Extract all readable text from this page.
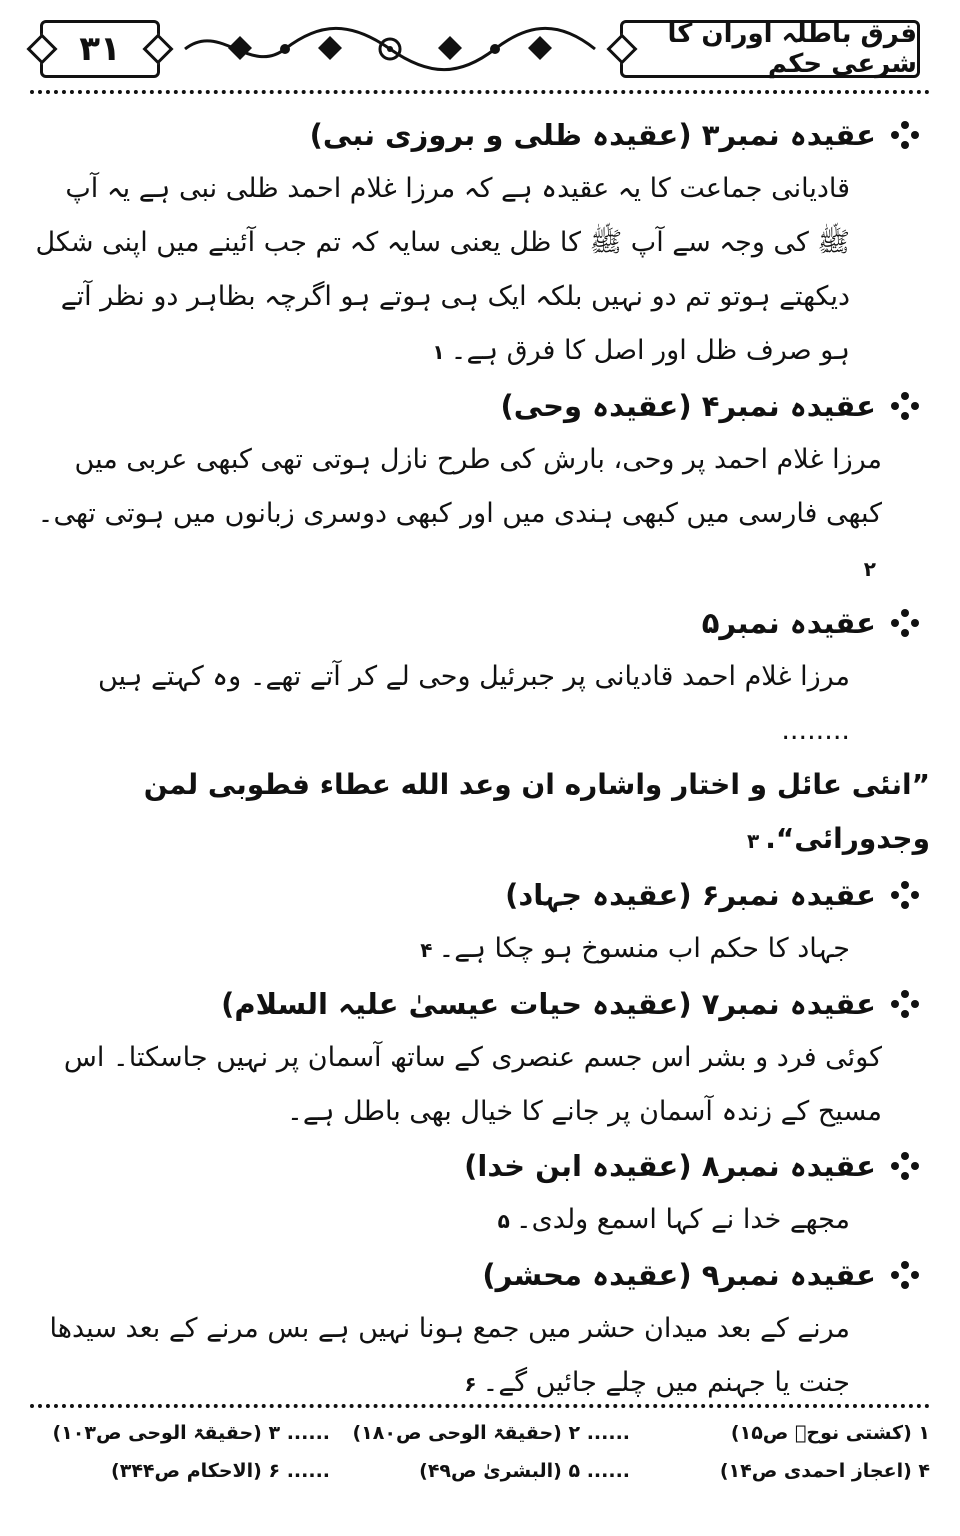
۳۱	فرق باطلہ اوران کا شرعی حکم
عقیدہ نمبر۳ (عقیدہ ظلی و بروزی نبی)

قادیانی جماعت کا یہ عقیدہ ہے کہ مرزا غلام احمد ظلی نبی ہے یہ آپ ﷺ کی وجہ سے آپ ﷺ کا ظل یعنی سایہ کہ تم جب آئینے میں اپنی شکل دیکھتے ہوتو تم دو نہیں بلکہ ایک ہی ہوتے ہو اگرچہ بظاہر دو نظر آتے ہو صرف ظل اور اصل کا فرق ہے۔۱

عقیدہ نمبر۴ (عقیدہ وحی)

مرزا غلام احمد پر وحی، بارش کی طرح نازل ہوتی تھی کبھی عربی میں کبھی فارسی میں کبھی ہندی میں اور کبھی دوسری زبانوں میں ہوتی تھی۔۲

عقیدہ نمبر۵

مرزا غلام احمد قادیانی پر جبرئیل وحی لے کر آتے تھے۔ وہ کہتے ہیں ........

”انئی عائل و اختار واشاره ان وعد الله عطاء فطوبی لمن وجدورائی“.۳

عقیدہ نمبر۶ (عقیدہ جہاد)

جہاد کا حکم اب منسوخ ہو چکا ہے۔۴

عقیدہ نمبر۷ (عقیدہ حیات عیسیٰ علیہ السلام)

کوئی فرد و بشر اس جسم عنصری کے ساتھ آسمان پر نہیں جاسکتا۔ اس مسیح کے زندہ آسمان پر جانے کا خیال بھی باطل ہے۔

عقیدہ نمبر۸ (عقیدہ ابن خدا)

مجھے خدا نے کہا اسمع ولدی۔۵

عقیدہ نمبر۹ (عقیدہ محشر)

مرنے کے بعد میدان حشر میں جمع ہونا نہیں ہے بس مرنے کے بعد سیدھا جنت یا جہنم میں چلے جائیں گے۔۶

۱ (کشتی نوحؑ ص۱۵)
...... ۲ (حقیقۃ الوحی ص۱۸۰)
...... ۳ (حقیقۃ الوحی ص۱۰۳)
۴ (اعجاز احمدی ص۱۴)
...... ۵ (البشریٰ ص۴۹)
...... ۶ (الاحکام ص۳۴۴)
